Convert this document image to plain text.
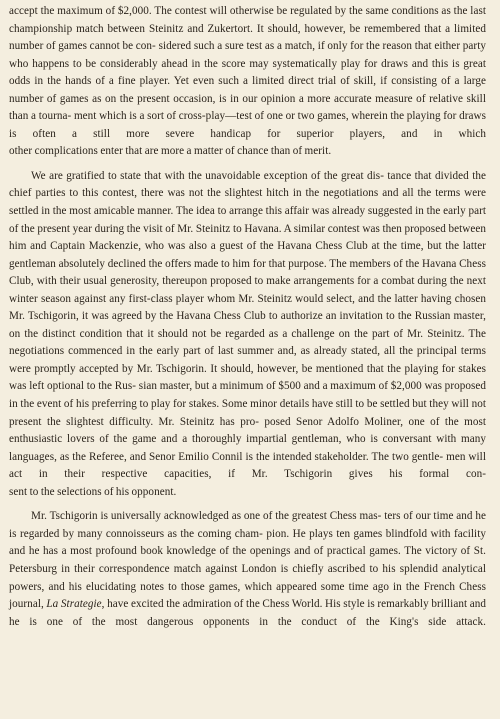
accept the maximum of $2,000. The contest will otherwise be regulated by the same conditions as the last championship match between Steinitz and Zukertort. It should, however, be remembered that a limited number of games cannot be con- sidered such a sure test as a match, if only for the reason that either party who happens to be considerably ahead in the score may systematically play for draws and this is great odds in the hands of a fine player. Yet even such a limited direct trial of skill, if consisting of a large number of games as on the present occasion, is in our opinion a more accurate measure of relative skill than a tourna- ment which is a sort of cross-play—test of one or two games, wherein the playing for draws is often a still more severe handicap for superior players, and in which

other complications enter that are more a matter of chance than of merit.

We are gratified to state that with the unavoidable exception of the great dis- tance that divided the chief parties to this contest, there was not the slightest hitch in the negotiations and all the terms were settled in the most amicable manner. The idea to arrange this affair was already suggested in the early part of the present year during the visit of Mr. Steinitz to Havana. A similar contest was then proposed between him and Captain Mackenzie, who was also a guest of the Havana Chess Club at the time, but the latter gentleman absolutely declined the offers made to him for that purpose. The members of the Havana Chess Club, with their usual generosity, thereupon proposed to make arrangements for a combat during the next winter season against any first-class player whom Mr. Steinitz would select, and the latter having chosen Mr. Tschigorin, it was agreed by the Havana Chess Club to authorize an invitation to the Russian master, on the distinct condition that it should not be regarded as a challenge on the part of Mr. Steinitz. The negotiations commenced in the early part of last summer and, as already stated, all the principal terms were promptly accepted by Mr. Tschigorin. It should, however, be mentioned that the playing for stakes was left optional to the Rus- sian master, but a minimum of $500 and a maximum of $2,000 was proposed in the event of his preferring to play for stakes. Some minor details have still to be settled but they will not present the slightest difficulty. Mr. Steinitz has pro- posed Senor Adolfo Moliner, one of the most enthusiastic lovers of the game and a thoroughly impartial gentleman, who is conversant with many languages, as the Referee, and Senor Emilio Connil is the intended stakeholder. The two gentle- men will act in their respective capacities, if Mr. Tschigorin gives his formal con-

sent to the selections of his opponent.

Mr. Tschigorin is universally acknowledged as one of the greatest Chess mas- ters of our time and he is regarded by many connoisseurs as the coming cham- pion. He plays ten games blindfold with facility and he has a most profound book knowledge of the openings and of practical games. The victory of St. Petersburg in their correspondence match against London is chiefly ascribed to his splendid analytical powers, and his elucidating notes to those games, which appeared some time ago in the French Chess journal, La Strategie, have excited the admiration of the Chess World. His style is remarkably brilliant and he is one of the most dangerous opponents in the conduct of the King's side attack.
